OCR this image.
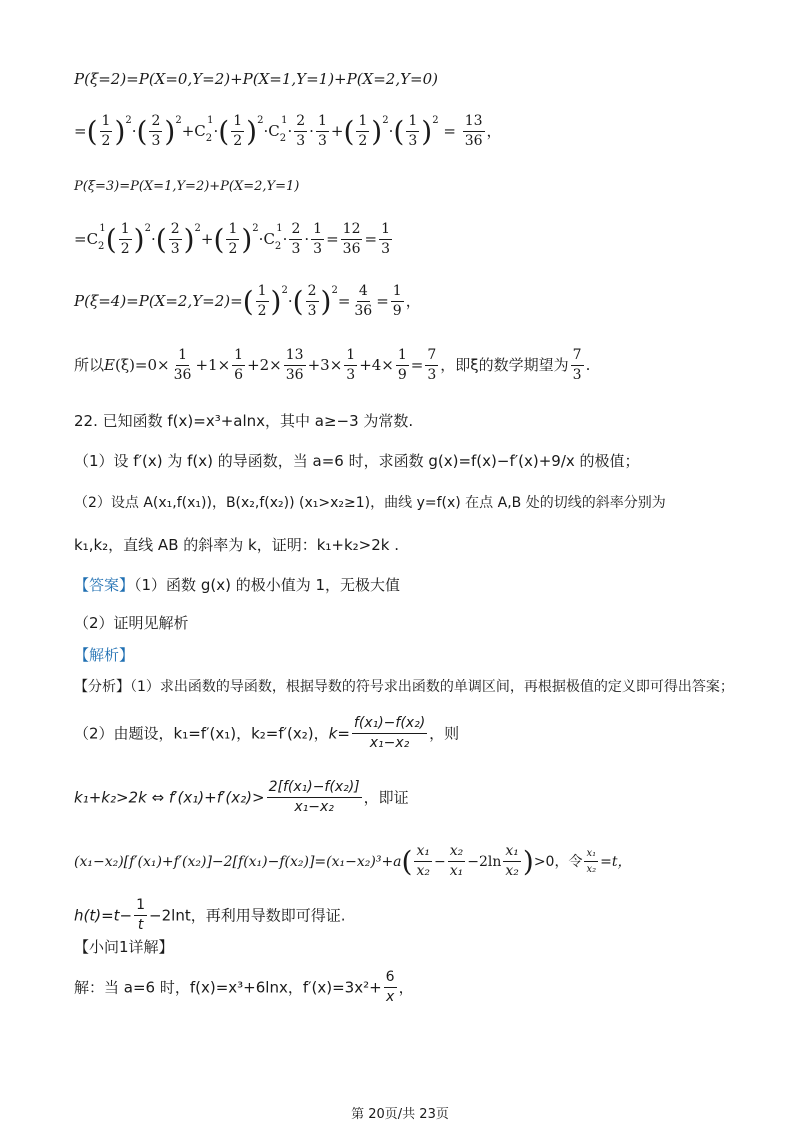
P(ξ=2)=P(X=0,Y=2)+P(X=1,Y=1)+P(X=2,Y=0)
=( $\frac{1}{2} )^2\cdot( \frac{2}{3} )^2+C_2^1\cdot( \frac{1}{2} )^2\cdot C_2^1\cdot \frac{2}{3} \cdot \frac{1}{3}$ +( $\frac{1}{2} )^2\cdot( \frac{1}{3} )^2 = \frac{13}{36}$ ，
P(ξ=3)=P(X=1,Y=2)+P(X=2,Y=1)
$=C_2^1( \frac{1}{2} )^2\cdot( \frac{2}{3} )^2+( \frac{1}{2} )^2\cdot C_2^1\cdot \frac{2}{3} \cdot \frac{1}{3} = \frac{12}{36} = \frac{1}{3}$
$P(\xi=4)=P(X=2,Y=2)=( \frac{1}{2} )^2\cdot( \frac{2}{3} )^2= \frac{4}{36} = \frac{1}{9}$ ，
所以$E(\xi)=0\times \frac{1}{36} +1\times \frac{1}{6} +2\times \frac{13}{36} +3\times \frac{1}{3} +4\times \frac{1}{9} = \frac{7}{3}$ ，即ξ的数学期望为 $\frac{7}{3}$ .
22. 已知函数 f(x)=x³+alnx，其中 a≥−3 为常数.
（1）设 f′(x) 为 f(x) 的导函数，当 a=6 时，求函数 g(x)=f(x)−f′(x)+9/x 的极值；
（2）设点 A(x₁,f(x₁))，B(x₂,f(x₂)) (x₁>x₂≥1)，曲线 y=f(x) 在点 A,B 处的切线的斜率分别为
k₁,k₂，直线 AB 的斜率为 k，证明：k₁+k₂>2k .
【答案】（1）函数 g(x) 的极小值为 1，无极大值
（2）证明见解析
【解析】
【分析】（1）求出函数的导函数，根据导数的符号求出函数的单调区间，再根据极值的定义即可得出答案；
（2）由题设，k₁=f′(x₁)，k₂=f′(x₂)，$k= \frac{\text{f(x₁)−f(x₂)}}{\text{x₁−x₂}}$ ，则
k₁+k₂>2k ⇔ $f'(x_1)+f'(x_2)> \frac{\text{2[f(x₁)−f(x₂)]}}{\text{x₁−x₂}}$ ，即证
$(x_1-x_2)[f'(x_1)+f'(x_2)]-2[f(x_1)-f(x_2)]=(x_1-x_2)^3+a( \frac{\text{x₁}}{\text{x₂}} - \frac{\text{x₂}}{\text{x₁}} -2\ln \frac{\text{x₁}}{\text{x₂}} )>0$，令 $\frac{\text{x₁}}{\text{x₂}} =t$，
$h(t)=t- \frac{1}{t} -2\ln t$，再利用导数即可得证.
【小问1详解】
解：当 a=6 时，f(x)=x³+6lnx，$f'(x)=3x^2+ \frac{6}{x}$ ，
第 20页/共 23页
